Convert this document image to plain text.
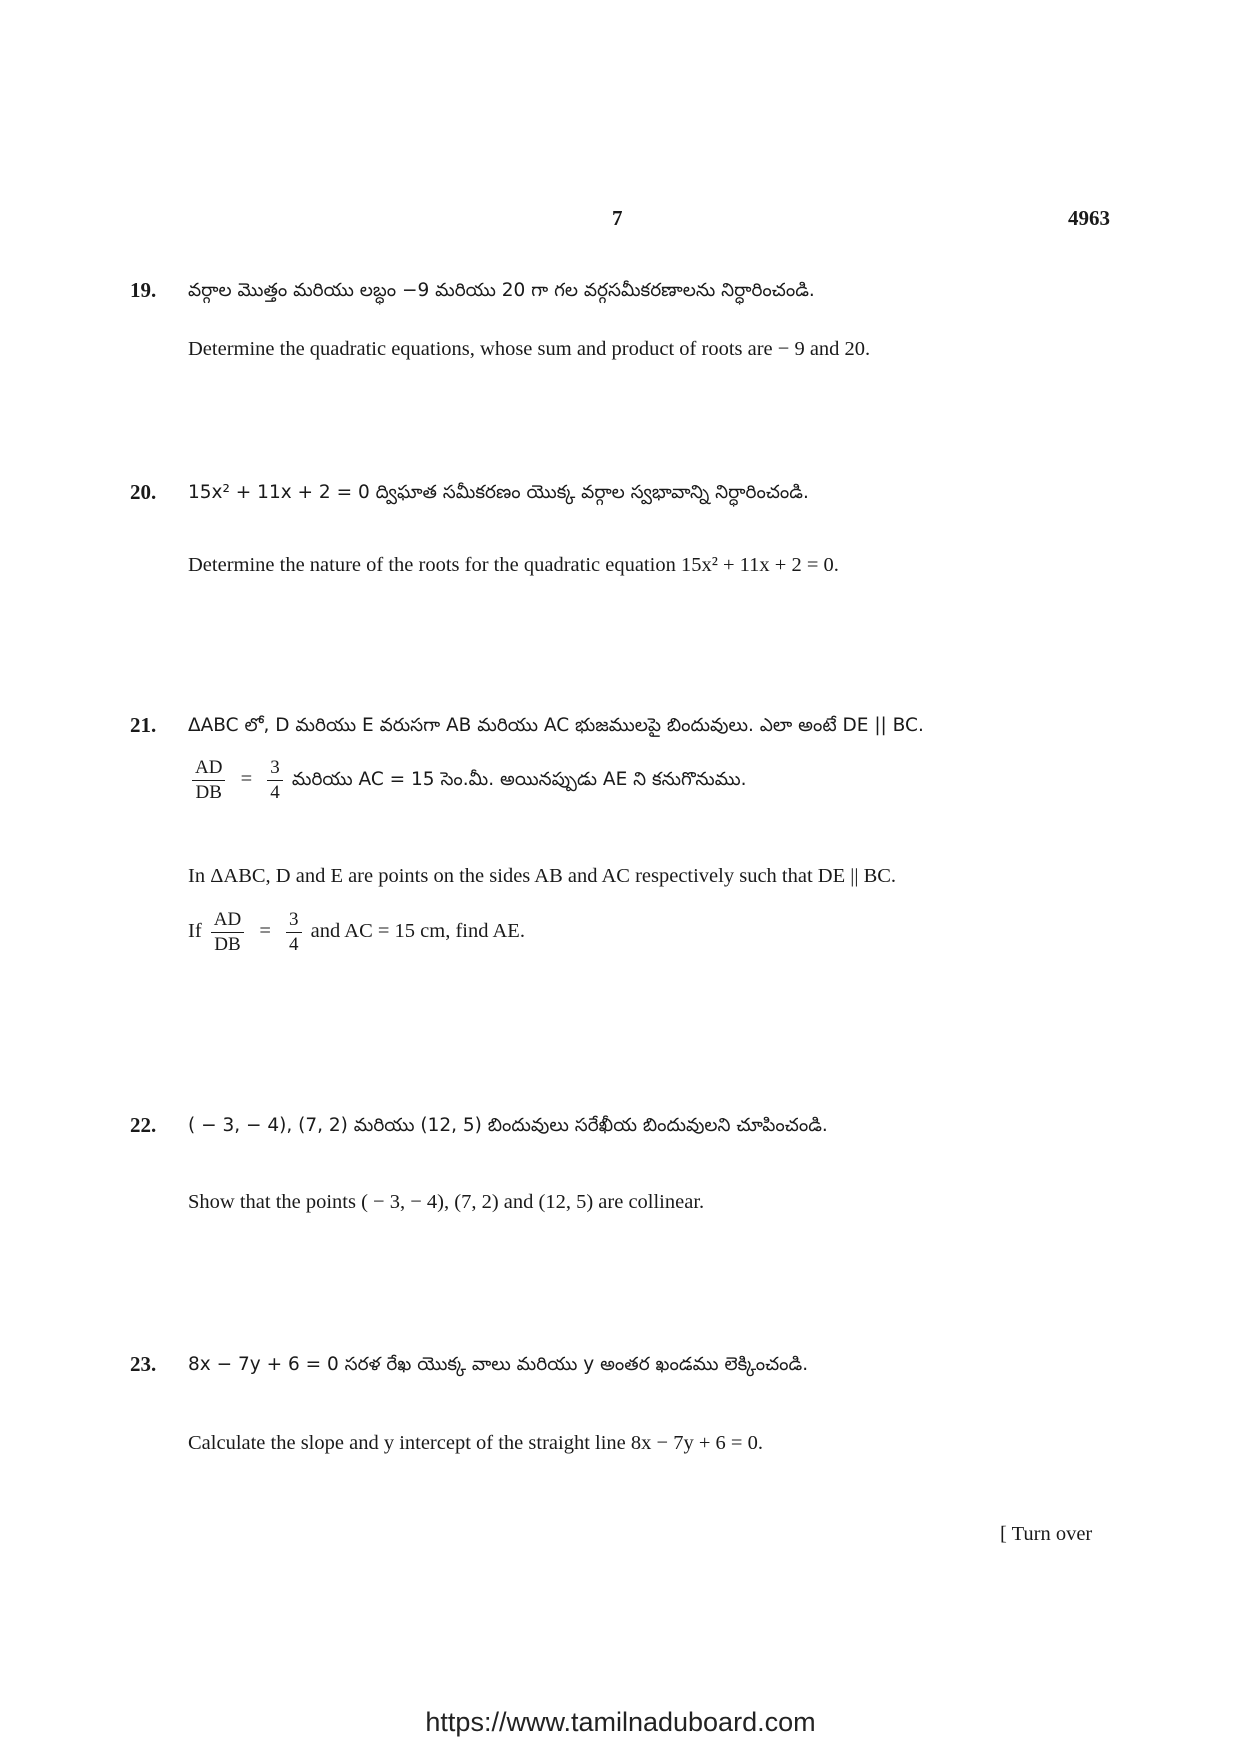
7	4963
19. వర్గాల మొత్తం మరియు లబ్ధం −9 మరియు 20 గా గల వర్గసమీకరణాలను నిర్ధారించండి.
Determine the quadratic equations, whose sum and product of roots are − 9 and 20.
20. 15x² + 11x + 2 = 0 ద్విఘాత సమీకరణం యొక్క వర్గాల స్వభావాన్ని నిర్ధారించండి.
Determine the nature of the roots for the quadratic equation 15x² + 11x + 2 = 0.
21. ΔABC లో, D మరియు E వరుసగా AB మరియు AC భుజములపై బిందువులు. ఎలా అంటే DE || BC.
$\frac{AD}{DB} = \frac{3}{4}$ మరియు AC = 15 సెం.మీ. అయినప్పుడు AE ని కనుగొనుము.
In ΔABC, D and E are points on the sides AB and AC respectively such that DE || BC.
If $\frac{AD}{DB} = \frac{3}{4}$ and AC = 15 cm, find AE.
22. ( − 3, − 4), (7, 2) మరియు (12, 5) బిందువులు సరేఖీయ బిందువులని చూపించండి.
Show that the points ( − 3, − 4), (7, 2) and (12, 5) are collinear.
23. 8x − 7y + 6 = 0 సరళ రేఖ యొక్క వాలు మరియు y అంతర ఖండము లెక్కించండి.
Calculate the slope and y intercept of the straight line 8x − 7y + 6 = 0.
[ Turn over
https://www.tamilnaduboard.com
